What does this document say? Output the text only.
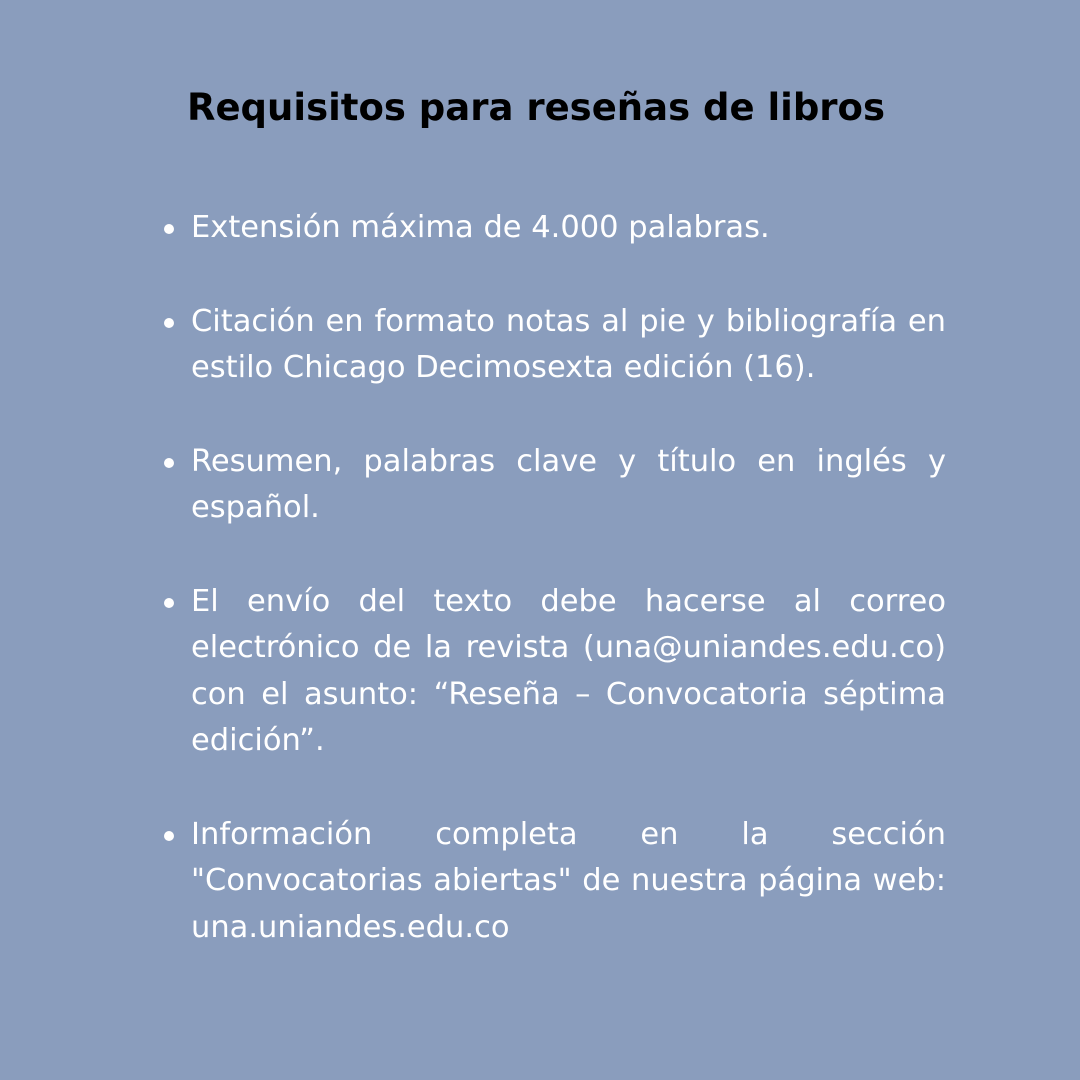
Requisitos para reseñas de libros
Extensión máxima de 4.000 palabras.
Citación en formato notas al pie y bibliografía en estilo Chicago Decimosexta edición (16).
Resumen, palabras clave y título en inglés y español.
El envío del texto debe hacerse al correo electrónico de la revista (una@uniandes.edu.co) con el asunto: “Reseña – Convocatoria séptima edición”.
Información completa en la sección "Convocatorias abiertas" de nuestra página web: una.uniandes.edu.co
